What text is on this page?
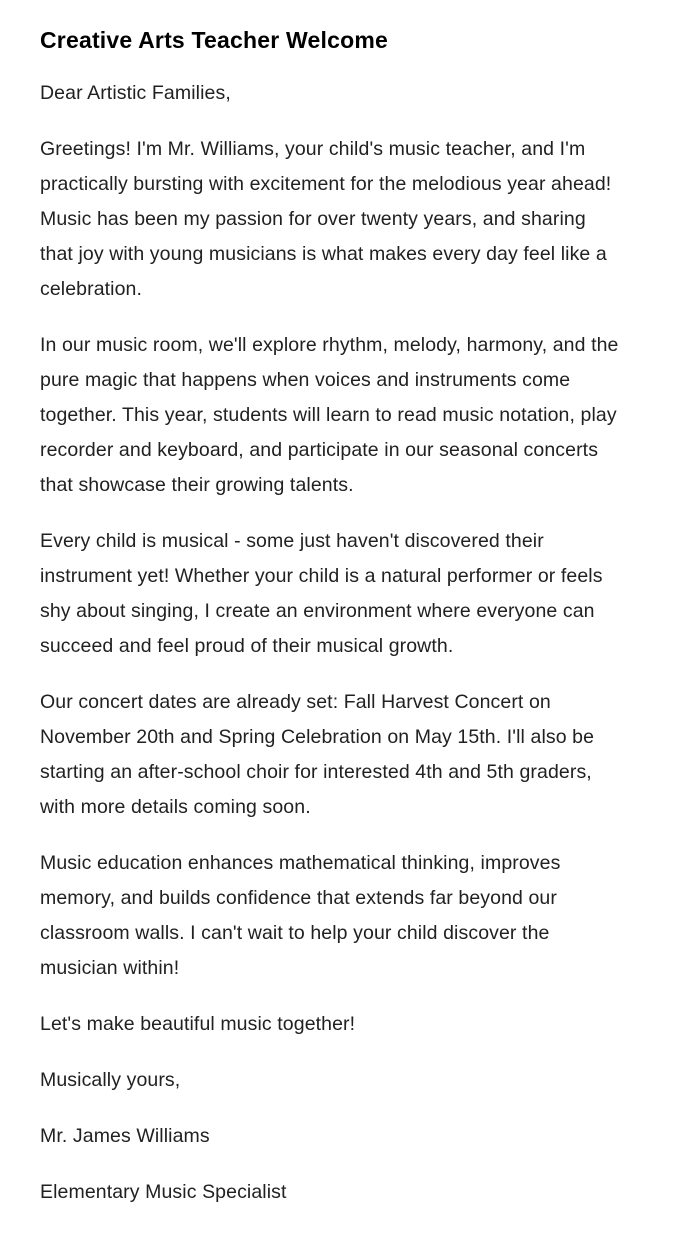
Creative Arts Teacher Welcome

Dear Artistic Families,

Greetings! I'm Mr. Williams, your child's music teacher, and I'm practically bursting with excitement for the melodious year ahead! Music has been my passion for over twenty years, and sharing that joy with young musicians is what makes every day feel like a celebration.

In our music room, we'll explore rhythm, melody, harmony, and the pure magic that happens when voices and instruments come together. This year, students will learn to read music notation, play recorder and keyboard, and participate in our seasonal concerts that showcase their growing talents.

Every child is musical - some just haven't discovered their instrument yet! Whether your child is a natural performer or feels shy about singing, I create an environment where everyone can succeed and feel proud of their musical growth.

Our concert dates are already set: Fall Harvest Concert on November 20th and Spring Celebration on May 15th. I'll also be starting an after-school choir for interested 4th and 5th graders, with more details coming soon.

Music education enhances mathematical thinking, improves memory, and builds confidence that extends far beyond our classroom walls. I can't wait to help your child discover the musician within!

Let's make beautiful music together!

Musically yours,

Mr. James Williams

Elementary Music Specialist
